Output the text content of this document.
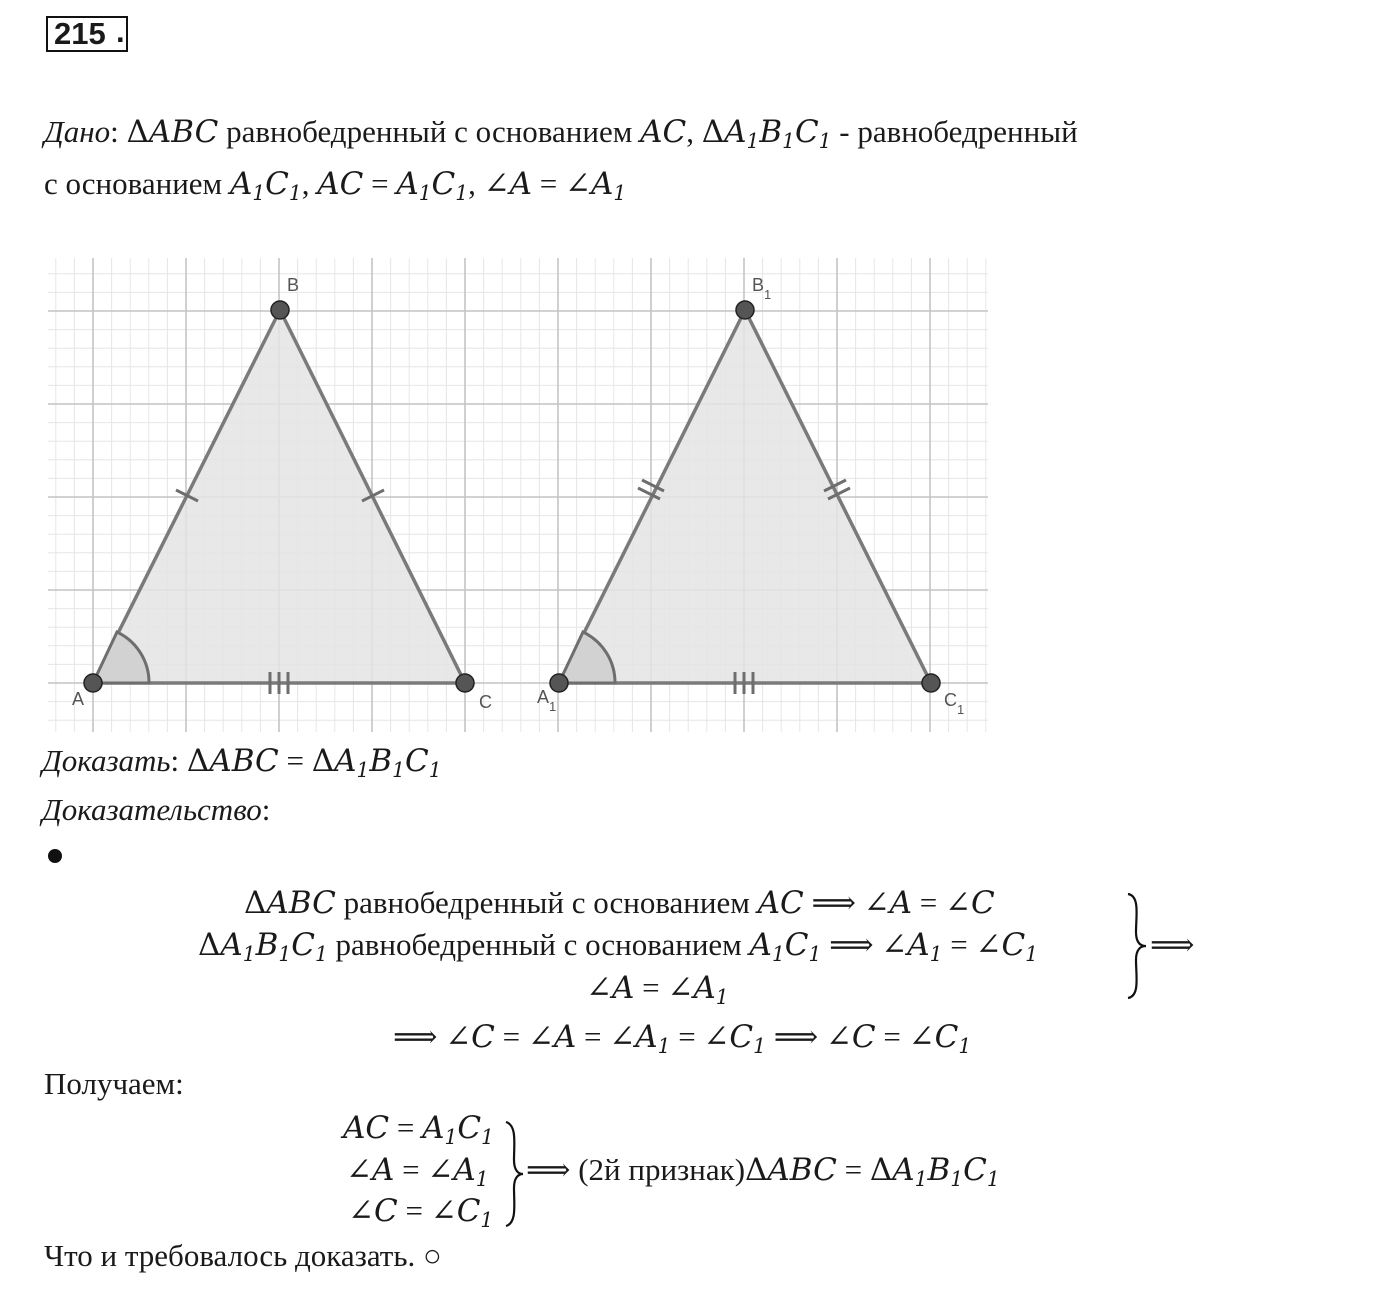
215 .
Дано: ΔABC равнобедренный с основанием AC, $\Delta A_1B_1C_1$ - равнобедренный
с основанием $A_1C_1$, AC = $A_1C_1$, ∠A = $\angle A_1$
A
B
C	$A_1$
$B_1$
$C_1$
Доказать: $\Delta ABC = \Delta A_1B_1C_1$
Доказательство:
ΔABC равнобедренный с основанием AC ⟹ ∠A = ∠C
$\Delta A_1B_1C_1$ равнобедренный с основанием $A_1C_1$ ⟹ $\angle A_1$ = $\angle C_1$
∠A = $\angle A_1$
⟹
⟹ ∠C = ∠A = $\angle A_1$ = $\angle C_1$ ⟹ ∠C = $\angle C_1$
Получаем:
AC = $A_1C_1$
∠A = $\angle A_1$
∠C = $\angle C_1$
⟹ (2й признак)ΔABC = $\Delta A_1B_1C_1$
Что и требовалось доказать. ○
